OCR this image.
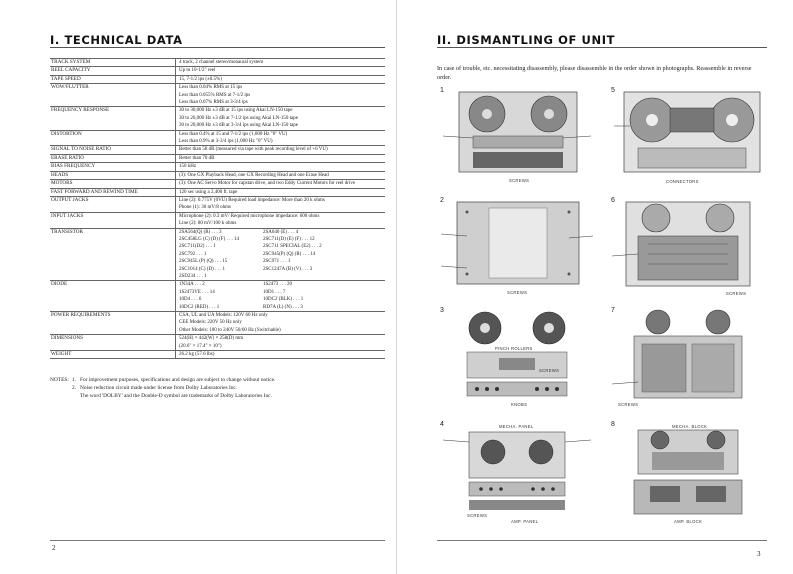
I. TECHNICAL DATA
TRACK SYSTEM	4 track, 2 channel stereo/monaural system
REEL CAPACITY	Up to 10-1/2" reel
TAPE SPEED	15, 7-1/2 ips (±0.5%)
WOW/FLUTTER	Less than 0.04% RMS at 15 ips
Less than 0.055% RMS at 7-1/2 ips
Less than 0.07% RMS at 3-3/4 ips
FREQUENCY RESPONSE	30 to 30,000 Hz ±3 dB at 15 ips using Akai LN-150 tape
30 to 26,000 Hz ±3 dB at 7-1/2 ips using Akai LN-150 tape
30 to 20,000 Hz ±3 dB at 3-3/4 ips using Akai LN-150 tape
DISTORTION	Less than 0.4% at 15 and 7-1/2 ips (1,000 Hz "0" VU)
Less than 0.9% at 3-3/4 ips (1,000 Hz "0" VU)
SIGNAL TO NOISE RATIO	Better than 58 dB (measured via tape with peak recording level of +6 VU)
ERASE RATIO	Better than 70 dB
BIAS FREQUENCY	150 kHz
HEADS	(3): One GX Playback Head, one GX Recording Head and one Erase Head
MOTORS	(3): One AC Servo Motor for capstan drive, and two Eddy Current Motors for reel drive
FAST FORWARD AND REWIND TIME	120 sec using a 2,400 ft. tape
OUTPUT JACKS	Line (2): 0.775V (0VU) Required load impedance: More than 20 k ohms
Phone (1): 30 mV/8 ohms
INPUT JACKS	Microphone (2): 0.3 mV/ Required microphone impedance: 600 ohms
Line (2): 80 mV/100 k ohms
TRANSISTOR	2SA564(Q) (R) . . . 3	2SA640 (E) . . . 4
2SC458LG (C) (D) (F) . . . 14	2SC711(D) (E) (F) . . . 12
2SC711(D2) . . . 1	2SC711 SPECIAL (E2) . . . 2
2SC792 . . . 1	2SC945(P) (Q) (R) . . . 14
2SC945L (P) (Q) . . . 15	2SC971 . . . 1
2SC1014 (C) (D) . . . 1	2SC1247A (B) (V) . . . 3
2SD234 . . . 1
DIODE	1N34A . . . 2	1S2473 . . . 20
1S2473VE . . . 14	10D1 . . . 7
10D4 . . . 6	10DC2 (BLK) . . . 1
10DC2 (RED) . . . 1	RD7A (L) (N) . . . 3
POWER REQUIREMENTS	CSA, UL and UA Models: 120V 60 Hz only
CEE Models: 220V 50 Hz only
Other Models: 100 to 240V 50/60 Hz (Switchable)
DIMENSIONS	524(H) × 442(W) × 258(D) mm
(20.6" × 17.4" × 10")
WEIGHT	26.2 kg (57.6 lbs)
NOTES: 1. For improvement purposes, specifications and design are subject to change without notice.
2. Noise reduction circuit made under license from Dolby Laboratories Inc.
The word 'DOLBY' and the Double-D symbol are trademarks of Dolby Laboratories Inc.
2
II. DISMANTLING OF UNIT
In case of trouble, etc. necessitating disassembly, please disassemble in the order shown in photographs. Reassemble in reverse order.
1
SCREWS
5
CONNECTORS
2
SCREWS
6
SCREWS
3
PINCH ROLLERS
SCREWS
KNOBS
7
SCREWS
4	MECHA. PANEL
SCREWS
AMP. PANEL
8	MECHA. BLOCK
AMP. BLOCK
3
